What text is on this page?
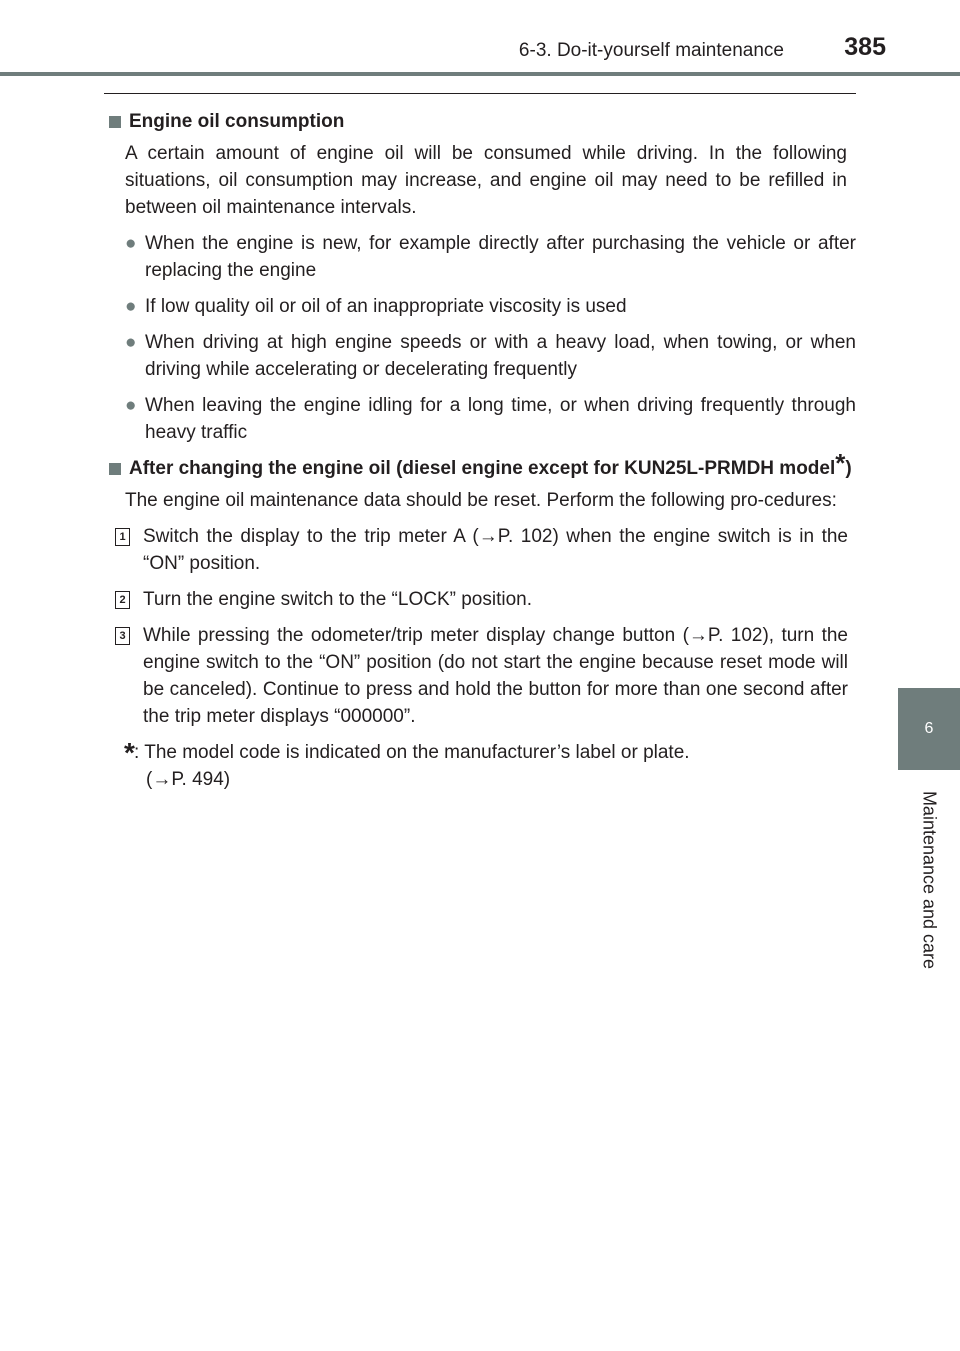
6-3. Do-it-yourself maintenance 385
6
Maintenance and care
Engine oil consumption

A certain amount of engine oil will be consumed while driving. In the following situations, oil consumption may increase, and engine oil may need to be refilled in between oil maintenance intervals.

● When the engine is new, for example directly after purchasing the vehicle or after replacing the engine
● If low quality oil or oil of an inappropriate viscosity is used
● When driving at high engine speeds or with a heavy load, when towing, or when driving while accelerating or decelerating frequently
● When leaving the engine idling for a long time, or when driving frequently through heavy traffic
After changing the engine oil (diesel engine except for KUN25L-PRMDH model*)

The engine oil maintenance data should be reset. Perform the following pro-cedures:

1 Switch the display to the trip meter A (→P. 102) when the engine switch is in the “ON” position.
2 Turn the engine switch to the “LOCK” position.
3 While pressing the odometer/trip meter display change button (→P. 102), turn the engine switch to the “ON” position (do not start the engine because reset mode will be canceled). Continue to press and hold the button for more than one second after the trip meter displays “000000”.
* : The model code is indicated on the manufacturer’s label or plate.
(→P. 494)
